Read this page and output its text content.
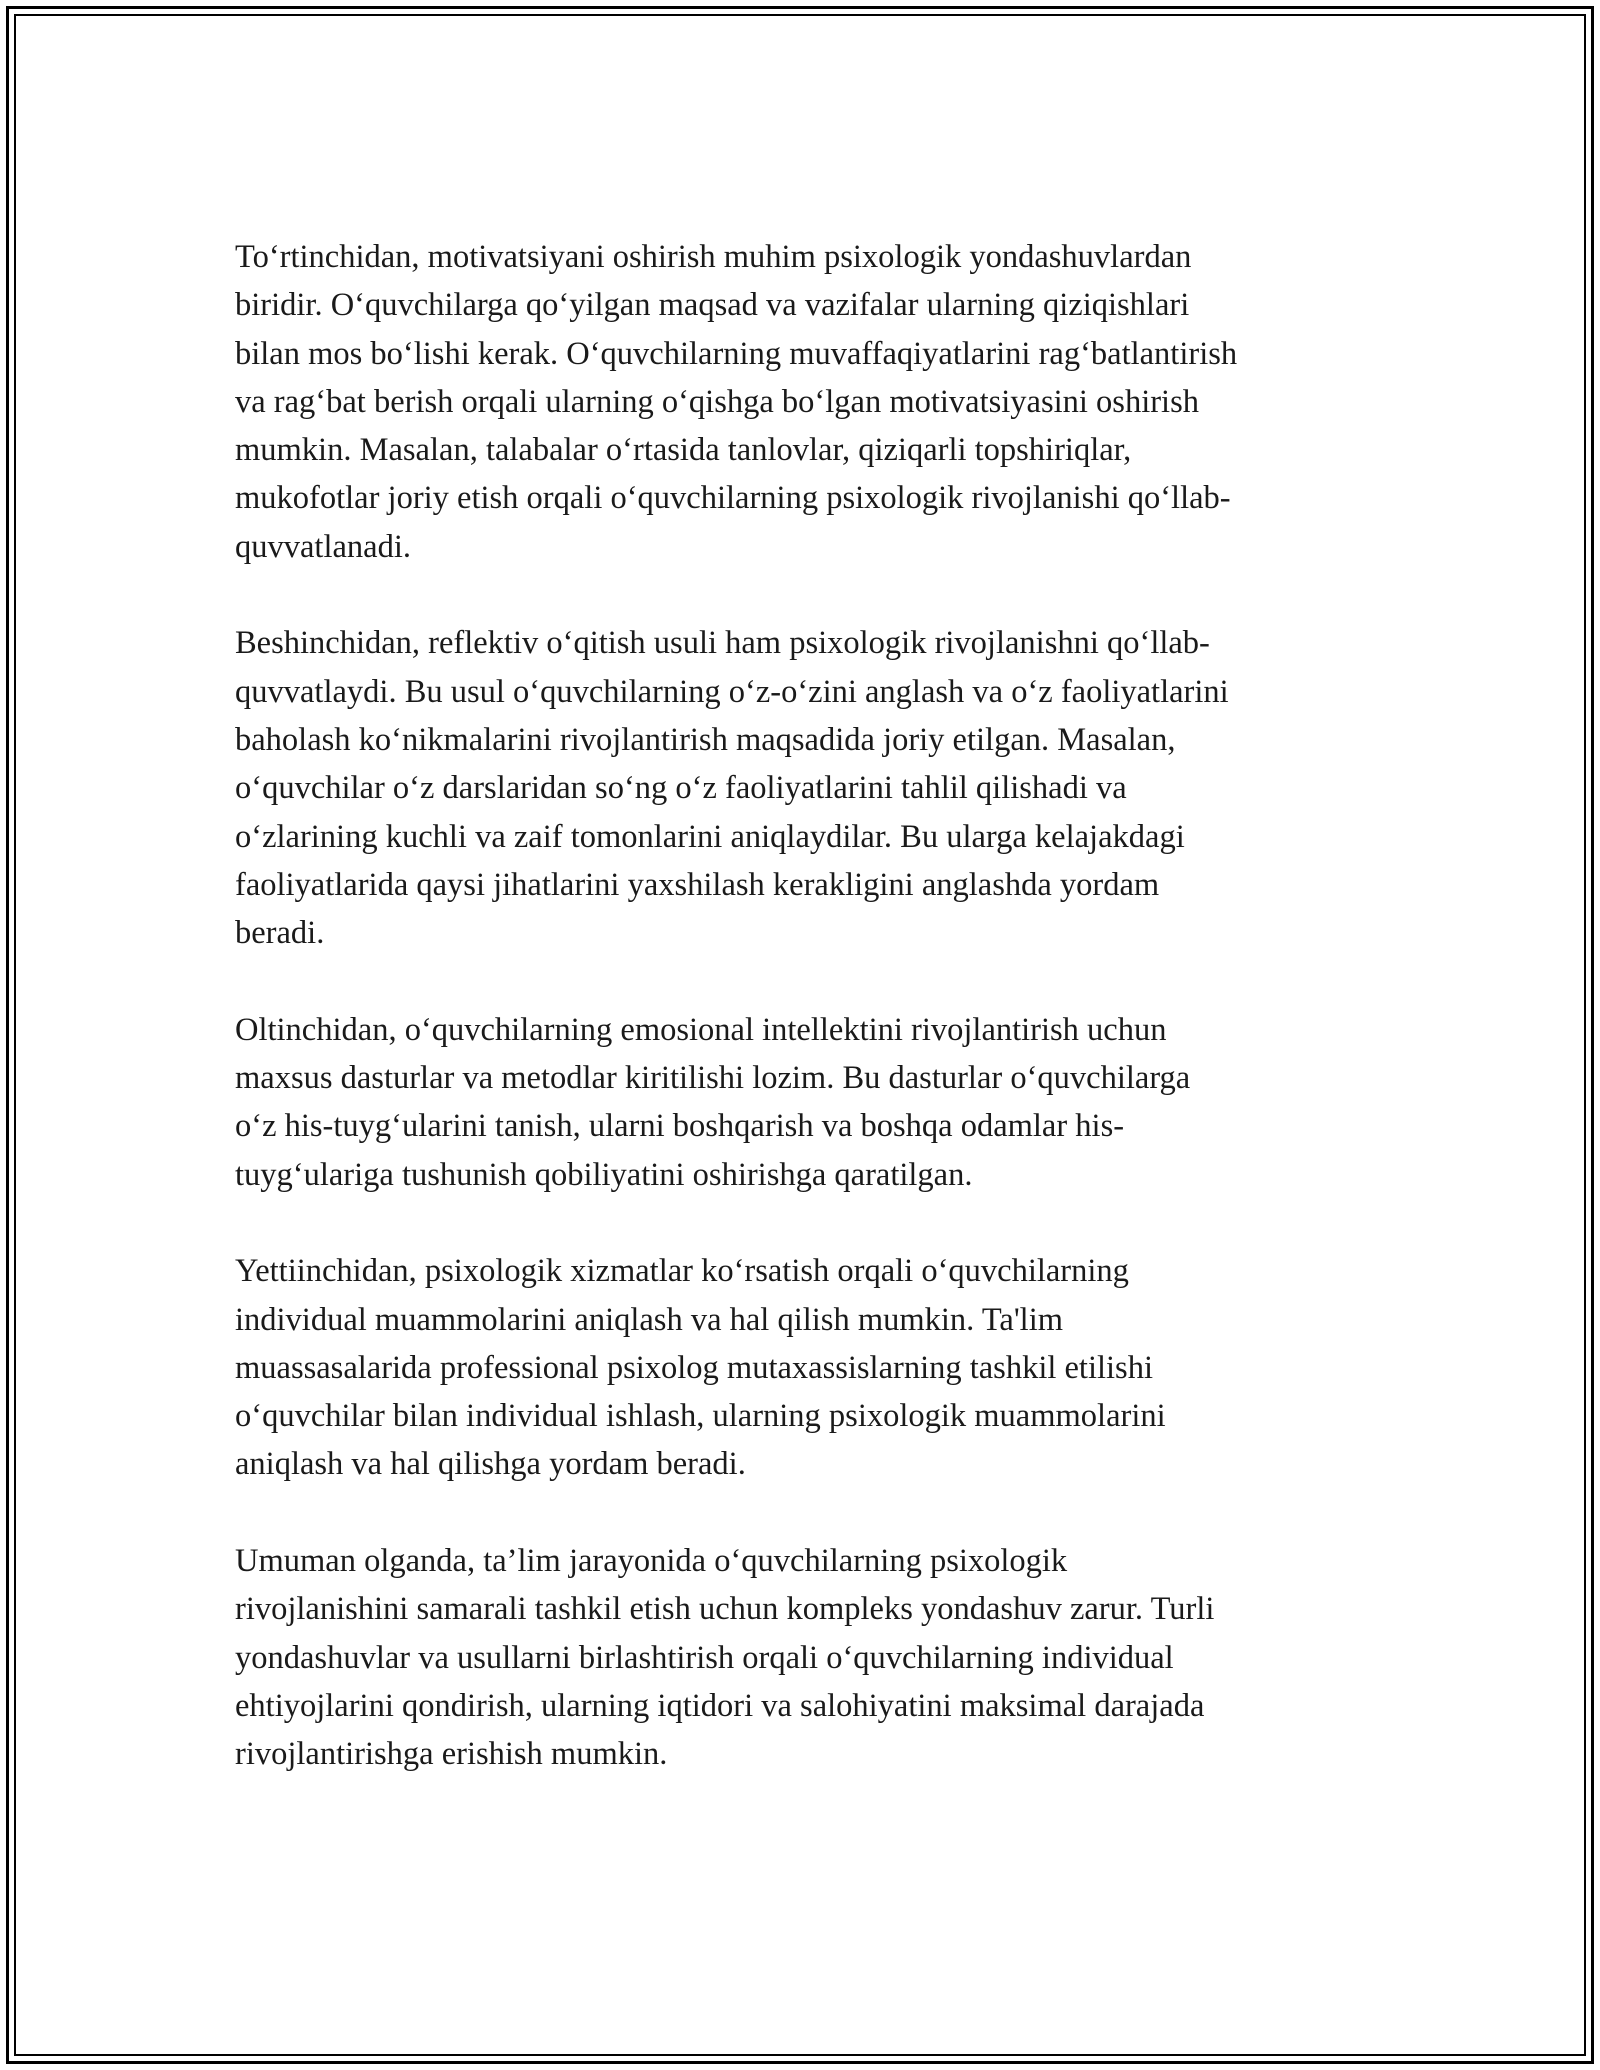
To‘rtinchidan, motivatsiyani oshirish muhim psixologik yondashuvlardan
biridir. O‘quvchilarga qo‘yilgan maqsad va vazifalar ularning qiziqishlari
bilan mos bo‘lishi kerak. O‘quvchilarning muvaffaqiyatlarini rag‘batlantirish
va rag‘bat berish orqali ularning o‘qishga bo‘lgan motivatsiyasini oshirish
mumkin. Masalan, talabalar o‘rtasida tanlovlar, qiziqarli topshiriqlar,
mukofotlar joriy etish orqali o‘quvchilarning psixologik rivojlanishi qo‘llab-
quvvatlanadi.

Beshinchidan, reflektiv o‘qitish usuli ham psixologik rivojlanishni qo‘llab-
quvvatlaydi. Bu usul o‘quvchilarning o‘z-o‘zini anglash va o‘z faoliyatlarini
baholash ko‘nikmalarini rivojlantirish maqsadida joriy etilgan. Masalan,
o‘quvchilar o‘z darslaridan so‘ng o‘z faoliyatlarini tahlil qilishadi va
o‘zlarining kuchli va zaif tomonlarini aniqlaydilar. Bu ularga kelajakdagi
faoliyatlarida qaysi jihatlarini yaxshilash kerakligini anglashda yordam
beradi.

Oltinchidan, o‘quvchilarning emosional intellektini rivojlantirish uchun
maxsus dasturlar va metodlar kiritilishi lozim. Bu dasturlar o‘quvchilarga
o‘z his-tuyg‘ularini tanish, ularni boshqarish va boshqa odamlar his-
tuyg‘ulariga tushunish qobiliyatini oshirishga qaratilgan.

Yettiinchidan, psixologik xizmatlar ko‘rsatish orqali o‘quvchilarning
individual muammolarini aniqlash va hal qilish mumkin. Ta'lim
muassasalarida professional psixolog mutaxassislarning tashkil etilishi
o‘quvchilar bilan individual ishlash, ularning psixologik muammolarini
aniqlash va hal qilishga yordam beradi.

Umuman olganda, ta’lim jarayonida o‘quvchilarning psixologik
rivojlanishini samarali tashkil etish uchun kompleks yondashuv zarur. Turli
yondashuvlar va usullarni birlashtirish orqali o‘quvchilarning individual
ehtiyojlarini qondirish, ularning iqtidori va salohiyatini maksimal darajada
rivojlantirishga erishish mumkin.
